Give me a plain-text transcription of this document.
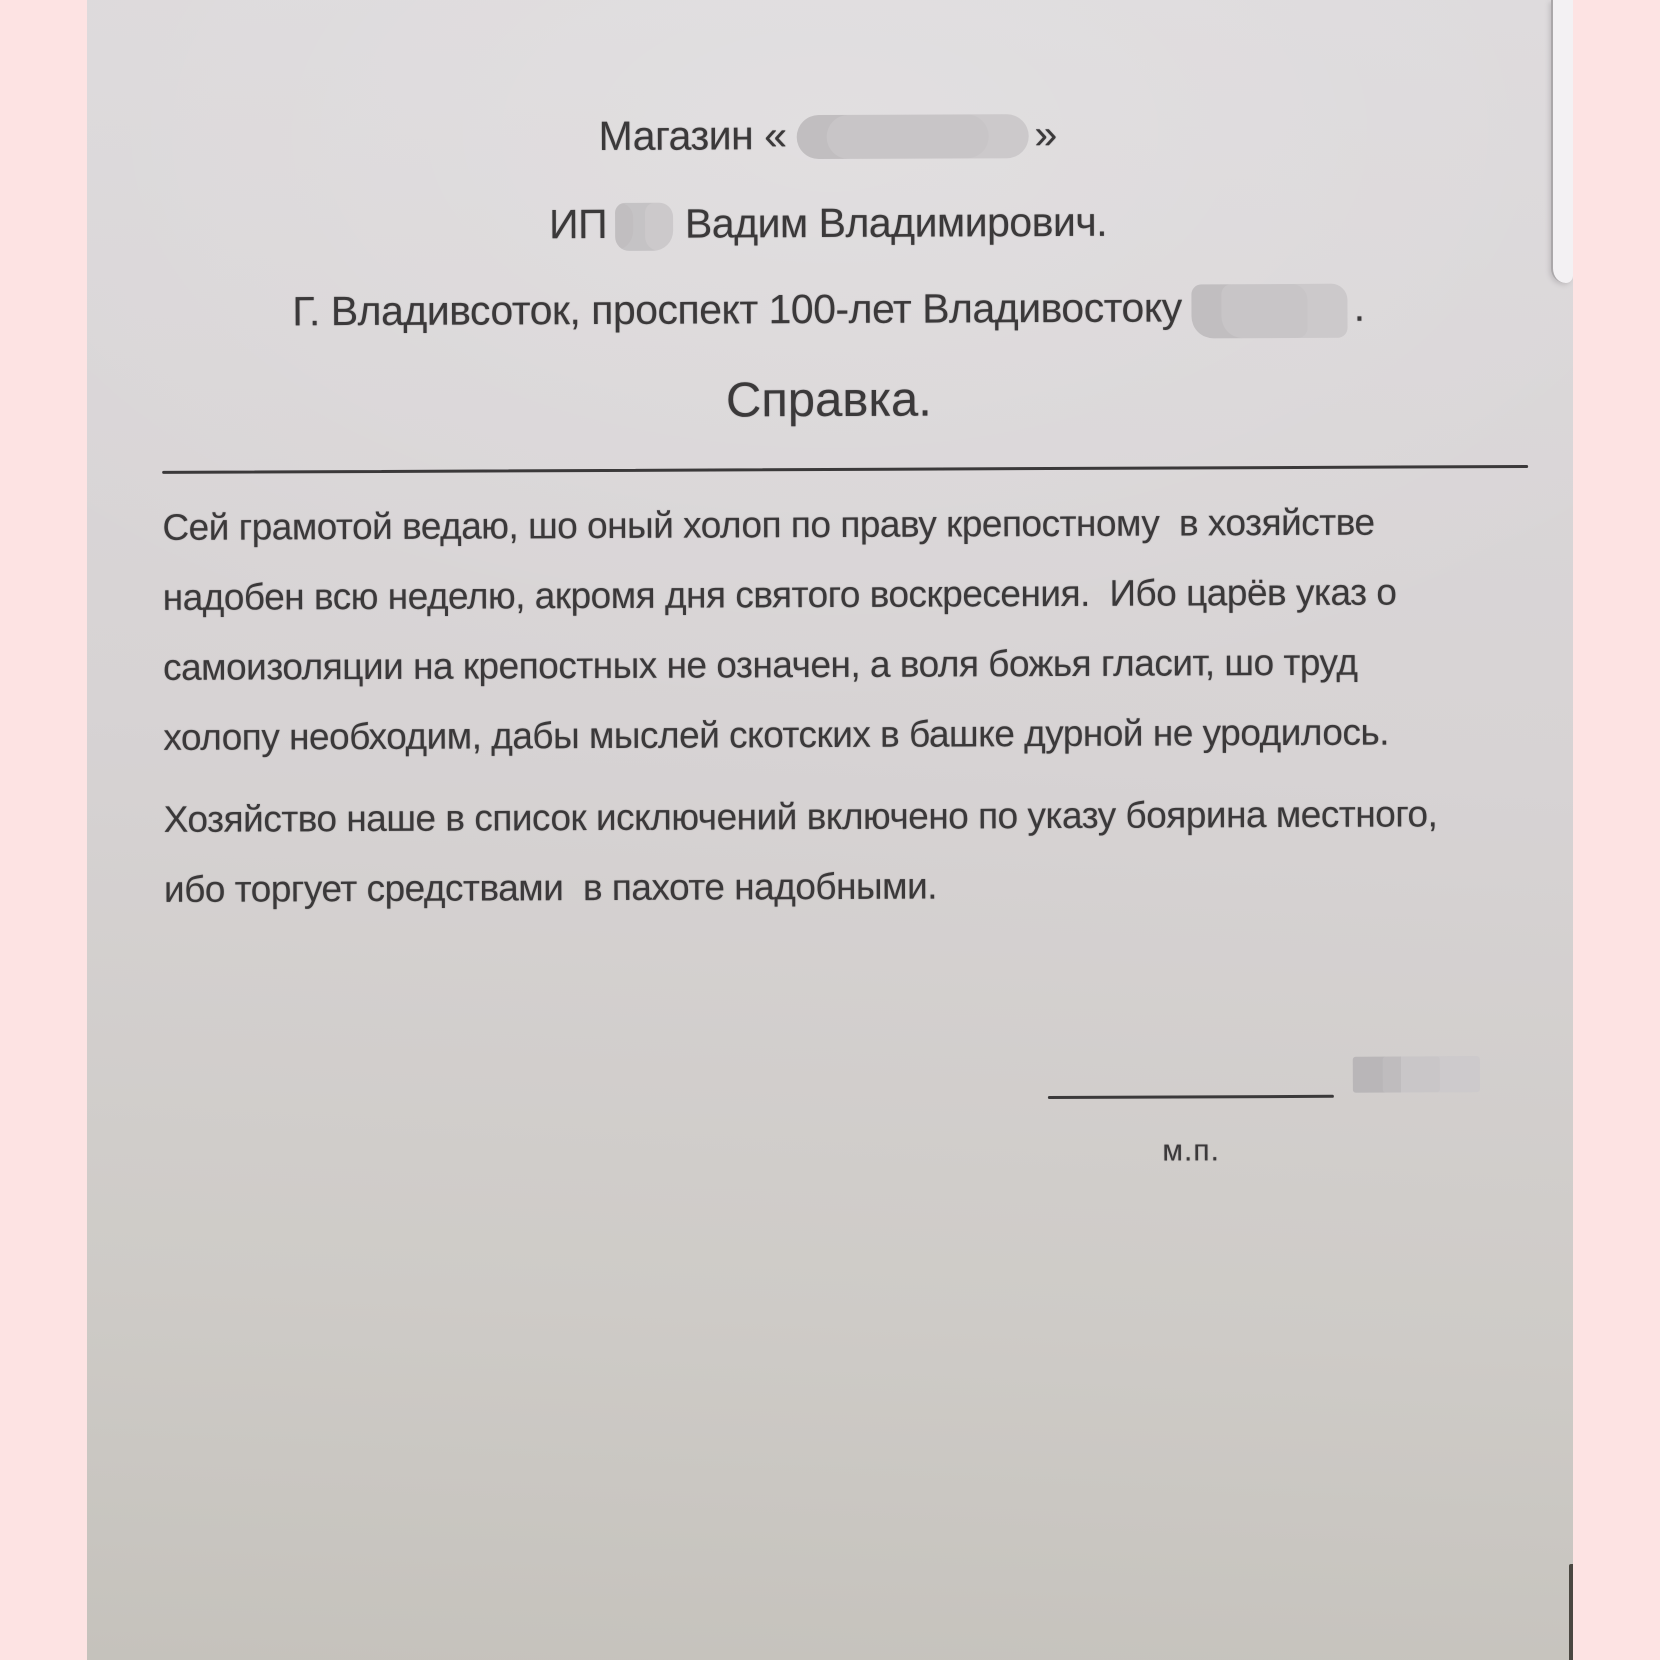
Магазин «	»
ИП Вадим Владимирович.
Г. Владивсоток, проспект 100-лет Владивостоку	.
Справка.
Сей грамотой ведаю, шо оный холоп по праву крепостному  в хозяйстве
надобен всю неделю, акромя дня святого воскресения.  Ибо царёв указ о
самоизоляции на крепостных не означен, а воля божья гласит, шо труд
холопу необходим, дабы мыслей скотских в башке дурной не уродилось.
Хозяйство наше в список исключений включено по указу боярина местного,
ибо торгует средствами  в пахоте надобными.
м.п.
